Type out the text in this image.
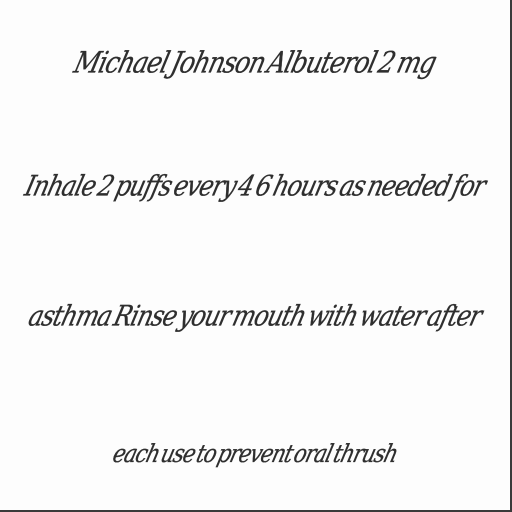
Michael Johnson Albuterol 2 mg
Inhale 2 puffs every 4 6 hours as needed for
asthma Rinse your mouth with water after
each use to prevent oral thrush
